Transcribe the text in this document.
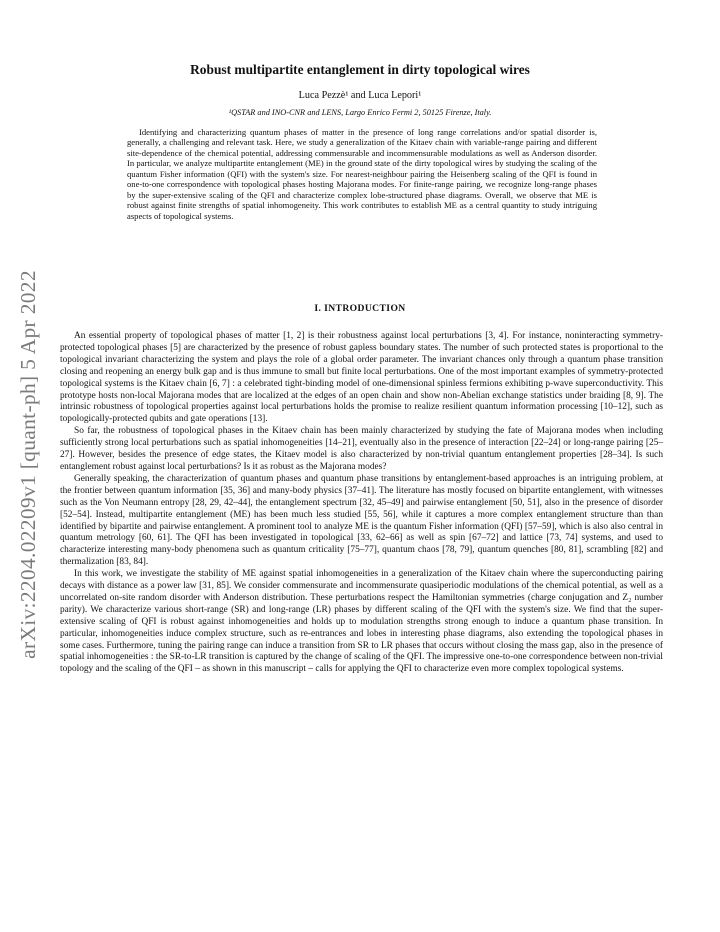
arXiv:2204.02209v1 [quant-ph] 5 Apr 2022
Robust multipartite entanglement in dirty topological wires
Luca Pezzè¹ and Luca Lepori¹
¹QSTAR and INO-CNR and LENS, Largo Enrico Fermi 2, 50125 Firenze, Italy.

Identifying and characterizing quantum phases of matter in the presence of long range correlations and/or spatial disorder is, generally, a challenging and relevant task. Here, we study a generalization of the Kitaev chain with variable-range pairing and different site-dependence of the chemical potential, addressing commensurable and incommensurable modulations as well as Anderson disorder. In particular, we analyze multipartite entanglement (ME) in the ground state of the dirty topological wires by studying the scaling of the quantum Fisher information (QFI) with the system's size. For nearest-neighbour pairing the Heisenberg scaling of the QFI is found in one-to-one correspondence with topological phases hosting Majorana modes. For finite-range pairing, we recognize long-range phases by the super-extensive scaling of the QFI and characterize complex lobe-structured phase diagrams. Overall, we observe that ME is robust against finite strengths of spatial inhomogeneity. This work contributes to establish ME as a central quantity to study intriguing aspects of topological systems.

I. INTRODUCTION

An essential property of topological phases of matter [1, 2] is their robustness against local perturbations [3, 4]. For instance, noninteracting symmetry-protected topological phases [5] are characterized by the presence of robust gapless boundary states. The number of such protected states is proportional to the topological invariant characterizing the system and plays the role of a global order parameter. The invariant chances only through a quantum phase transition closing and reopening an energy bulk gap and is thus immune to small but finite local perturbations. One of the most important examples of symmetry-protected topological systems is the Kitaev chain [6, 7] : a celebrated tight-binding model of one-dimensional spinless fermions exhibiting p-wave superconductivity. This prototype hosts non-local Majorana modes that are localized at the edges of an open chain and show non-Abelian exchange statistics under braiding [8, 9]. The intrinsic robustness of topological properties against local perturbations holds the promise to realize resilient quantum information processing [10–12], such as topologically-protected qubits and gate operations [13].

So far, the robustness of topological phases in the Kitaev chain has been mainly characterized by studying the fate of Majorana modes when including sufficiently strong local perturbations such as spatial inhomogeneities [14–21], eventually also in the presence of interaction [22–24] or long-range pairing [25–27]. However, besides the presence of edge states, the Kitaev model is also characterized by non-trivial quantum entanglement properties [28–34]. Is such entanglement robust against local perturbations? Is it as robust as the Majorana modes?

Generally speaking, the characterization of quantum phases and quantum phase transitions by entanglement-based approaches is an intriguing problem, at the frontier between quantum information [35, 36] and many-body physics [37–41]. The literature has mostly focused on bipartite entanglement, with witnesses such as the Von Neumann entropy [28, 29, 42–44], the entanglement spectrum [32, 45–49] and pairwise entanglement [50, 51], also in the presence of disorder [52–54]. Instead, multipartite entanglement (ME) has been much less studied [55, 56], while it captures a more complex entanglement structure than than identified by bipartite and pairwise entanglement. A prominent tool to analyze ME is the quantum Fisher information (QFI) [57–59], which is also also central in quantum metrology [60, 61]. The QFI has been investigated in topological [33, 62–66] as well as spin [67–72] and lattice [73, 74] systems, and used to characterize interesting many-body phenomena such as quantum criticality [75–77], quantum chaos [78, 79], quantum quenches [80, 81], scrambling [82] and thermalization [83, 84].

In this work, we investigate the stability of ME against spatial inhomogeneities in a generalization of the Kitaev chain where the superconducting pairing decays with distance as a power law [31, 85]. We consider commensurate and incommensurate quasiperiodic modulations of the chemical potential, as well as a uncorrelated on-site random disorder with Anderson distribution. These perturbations respect the Hamiltonian symmetries (charge conjugation and Z₂ number parity). We characterize various short-range (SR) and long-range (LR) phases by different scaling of the QFI with the system's size. We find that the super-extensive scaling of QFI is robust against inhomogeneities and holds up to modulation strengths strong enough to induce a quantum phase transition. In particular, inhomogeneities induce complex structure, such as re-entrances and lobes in interesting phase diagrams, also extending the topological phases in some cases. Furthermore, tuning the pairing range can induce a transition from SR to LR phases that occurs without closing the mass gap, also in the presence of spatial inhomogeneities : the SR-to-LR transition is captured by the change of scaling of the QFI. The impressive one-to-one correspondence between non-trivial topology and the scaling of the QFI – as shown in this manuscript – calls for applying the QFI to characterize even more complex topological systems.
